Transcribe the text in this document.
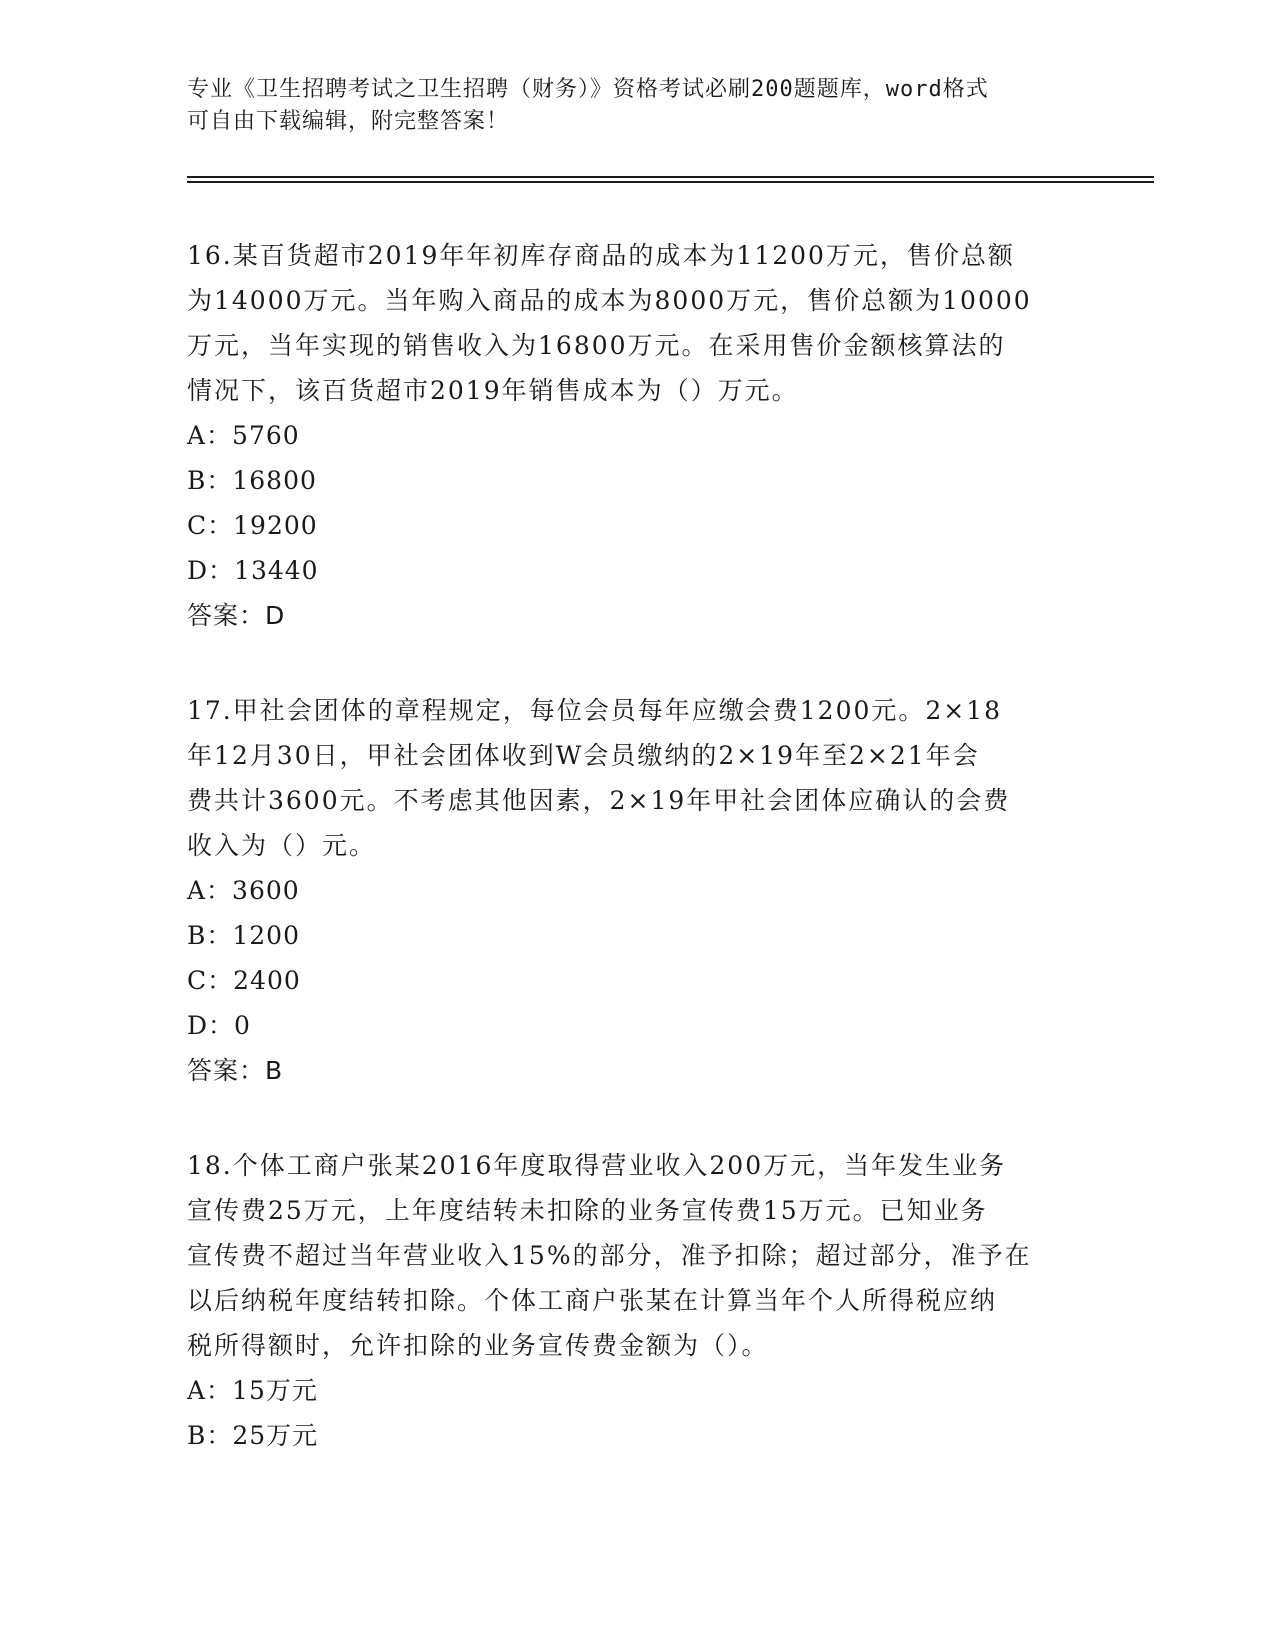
专业《卫生招聘考试之卫生招聘（财务）》资格考试必刷200题题库，word格式
可自由下载编辑，附完整答案！
16.某百货超市2019年年初库存商品的成本为11200万元，售价总额
为14000万元。当年购入商品的成本为8000万元，售价总额为10000
万元，当年实现的销售收入为16800万元。在采用售价金额核算法的
情况下，该百货超市2019年销售成本为（）万元。
A：5760
B：16800
C：19200
D：13440
答案：D
17.甲社会团体的章程规定，每位会员每年应缴会费1200元。2×18
年12月30日，甲社会团体收到W会员缴纳的2×19年至2×21年会
费共计3600元。不考虑其他因素，2×19年甲社会团体应确认的会费
收入为（）元。
A：3600
B：1200
C：2400
D：0
答案：B
18.个体工商户张某2016年度取得营业收入200万元，当年发生业务
宣传费25万元，上年度结转未扣除的业务宣传费15万元。已知业务
宣传费不超过当年营业收入15%的部分，准予扣除；超过部分，准予在
以后纳税年度结转扣除。个体工商户张某在计算当年个人所得税应纳
税所得额时，允许扣除的业务宣传费金额为（）。
A：15万元
B：25万元
